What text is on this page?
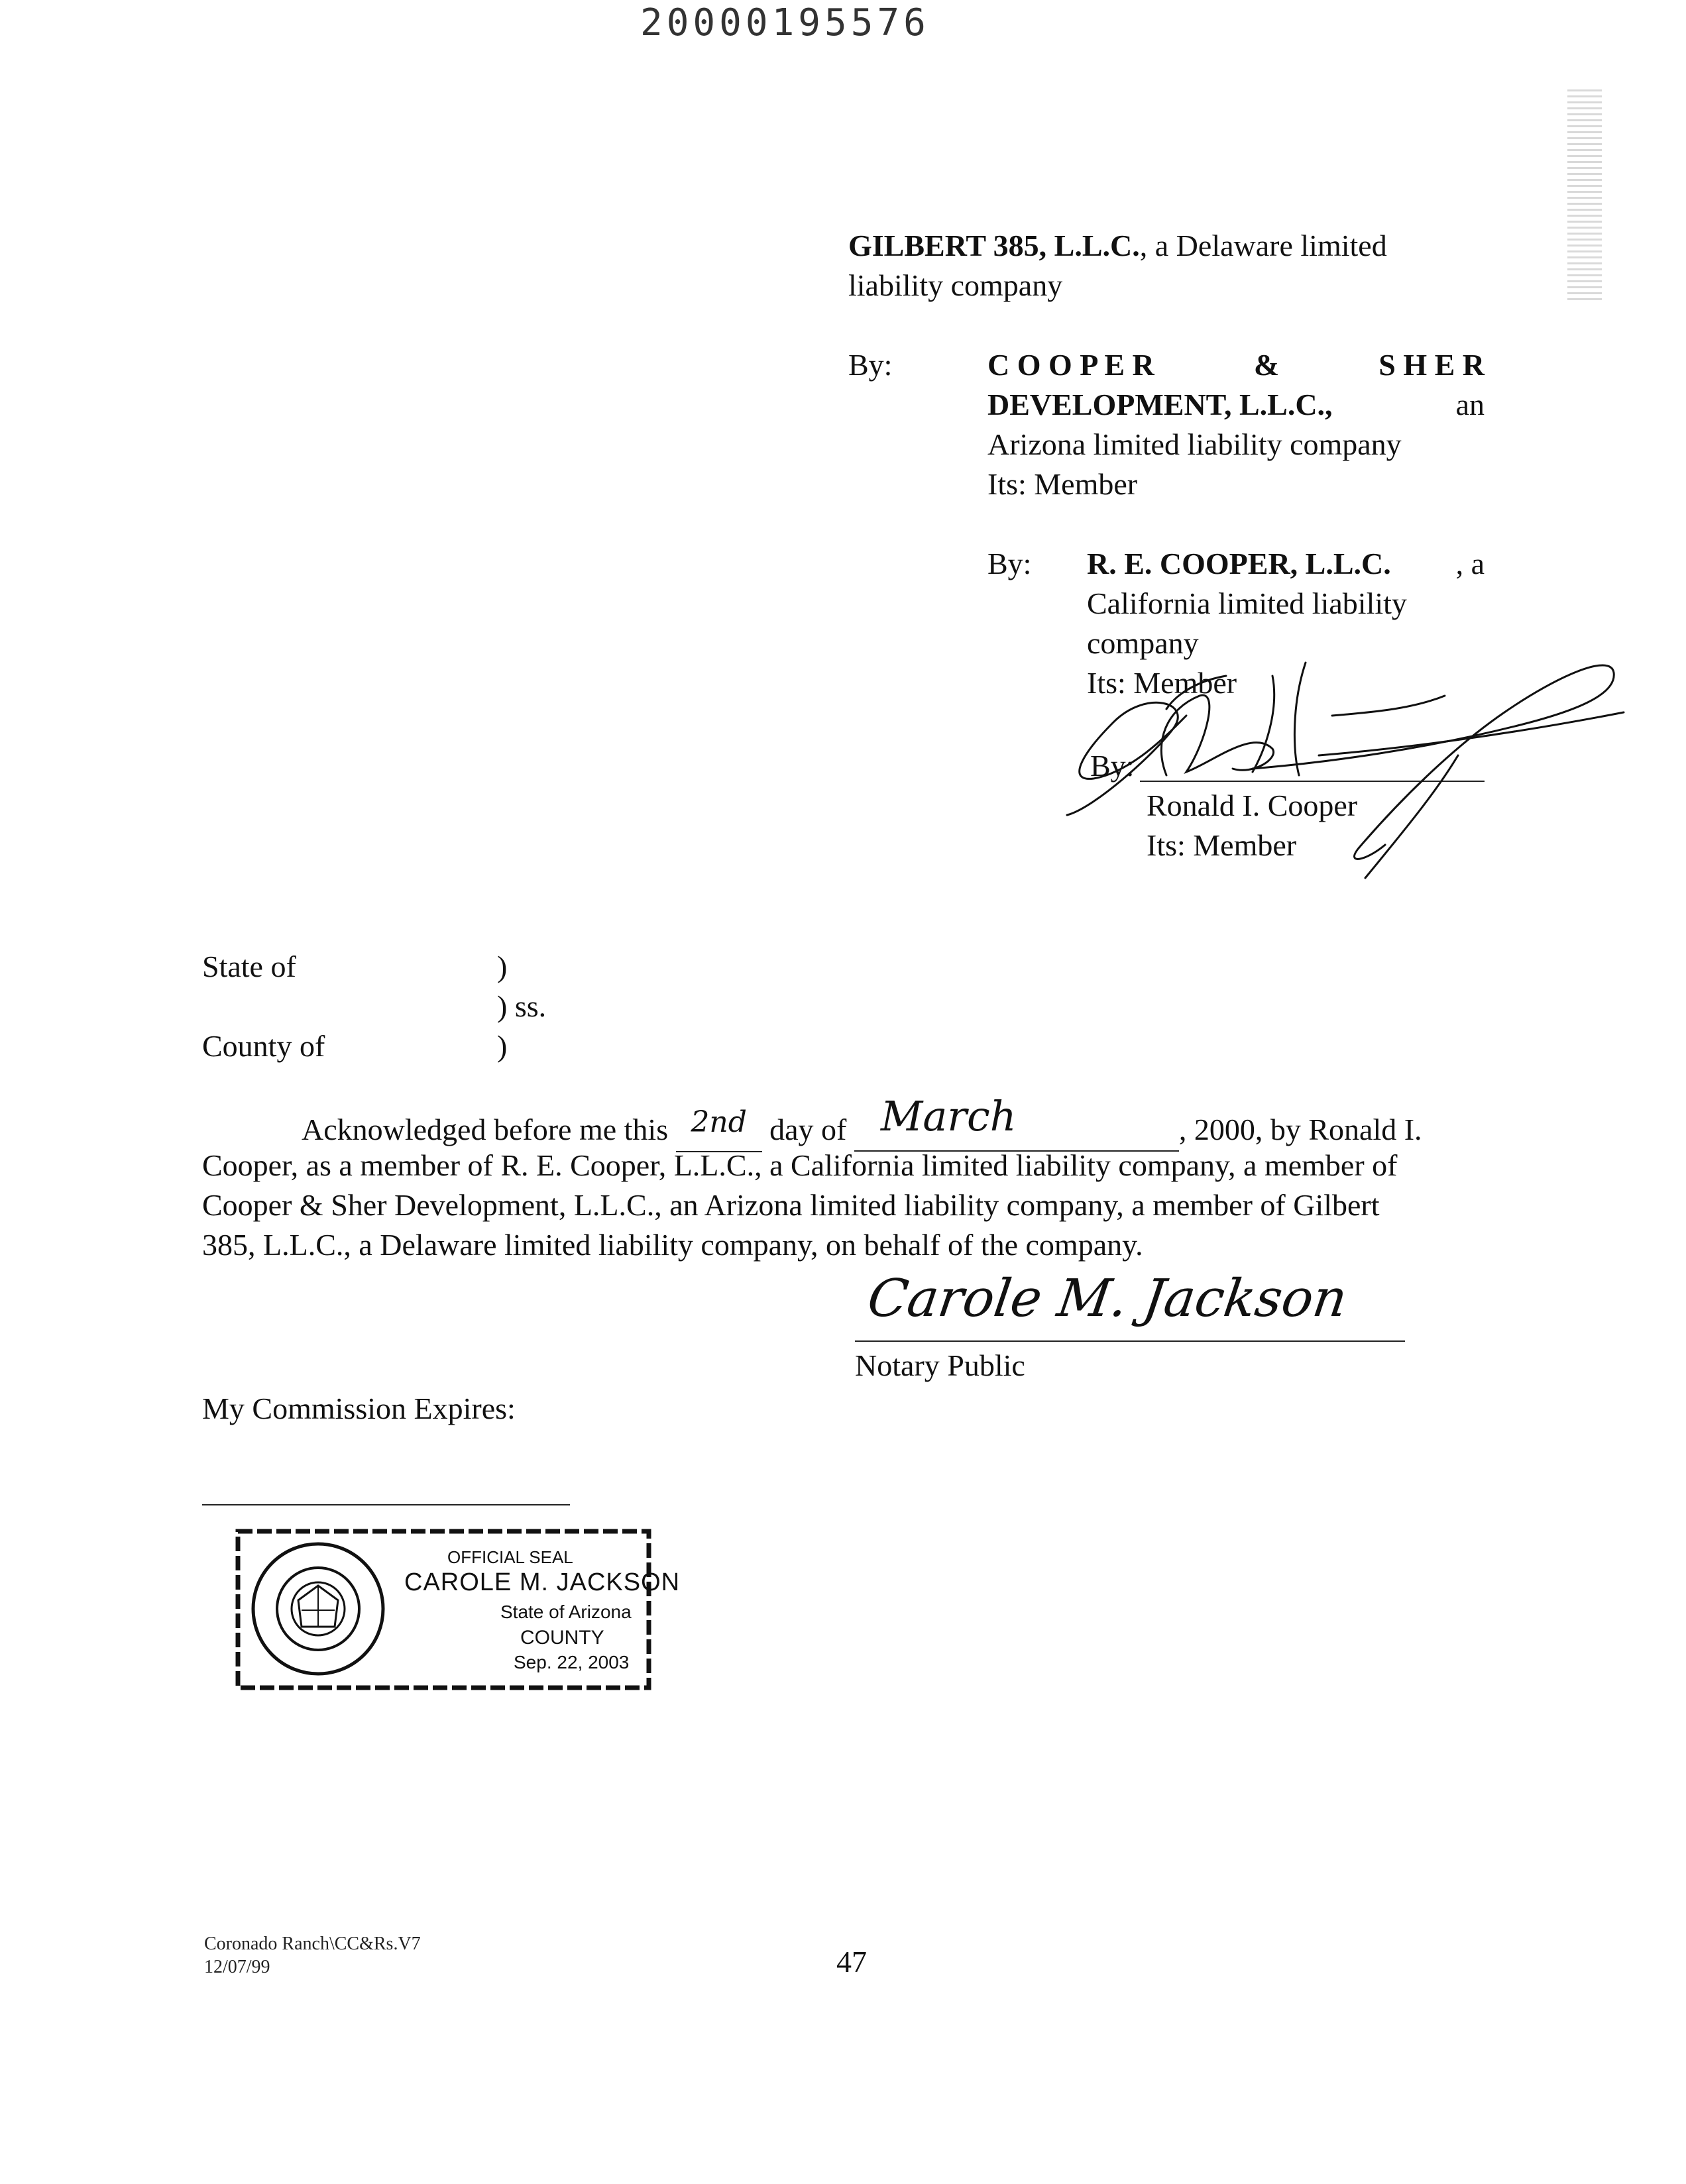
20000195576
GILBERT 385, L.L.C., a Delaware limited
liability company
By:	C O O P E R	&	S H E R
DEVELOPMENT, L.L.C.,	an
Arizona limited liability company
Its: Member
By: R. E. COOPER, L.L.C. , a
California limited liability
company
Its: Member
By:
Ronald I. Cooper
Its: Member
State of	)
) ss.
County of	)
Acknowledged before me this 2nd day of March	, 2000, by Ronald I.
Cooper, as a member of R. E. Cooper, L.L.C., a California limited liability company, a member of
Cooper & Sher Development, L.L.C., an Arizona limited liability company, a member of Gilbert
385, L.L.C., a Delaware limited liability company, on behalf of the company.
Carole M. Jackson
Notary Public
My Commission Expires:
OFFICIAL SEAL
CAROLE M. JACKSON
State of Arizona
COUNTY
Sep. 22, 2003
Coronado Ranch\CC&Rs.V7
12/07/99	47
